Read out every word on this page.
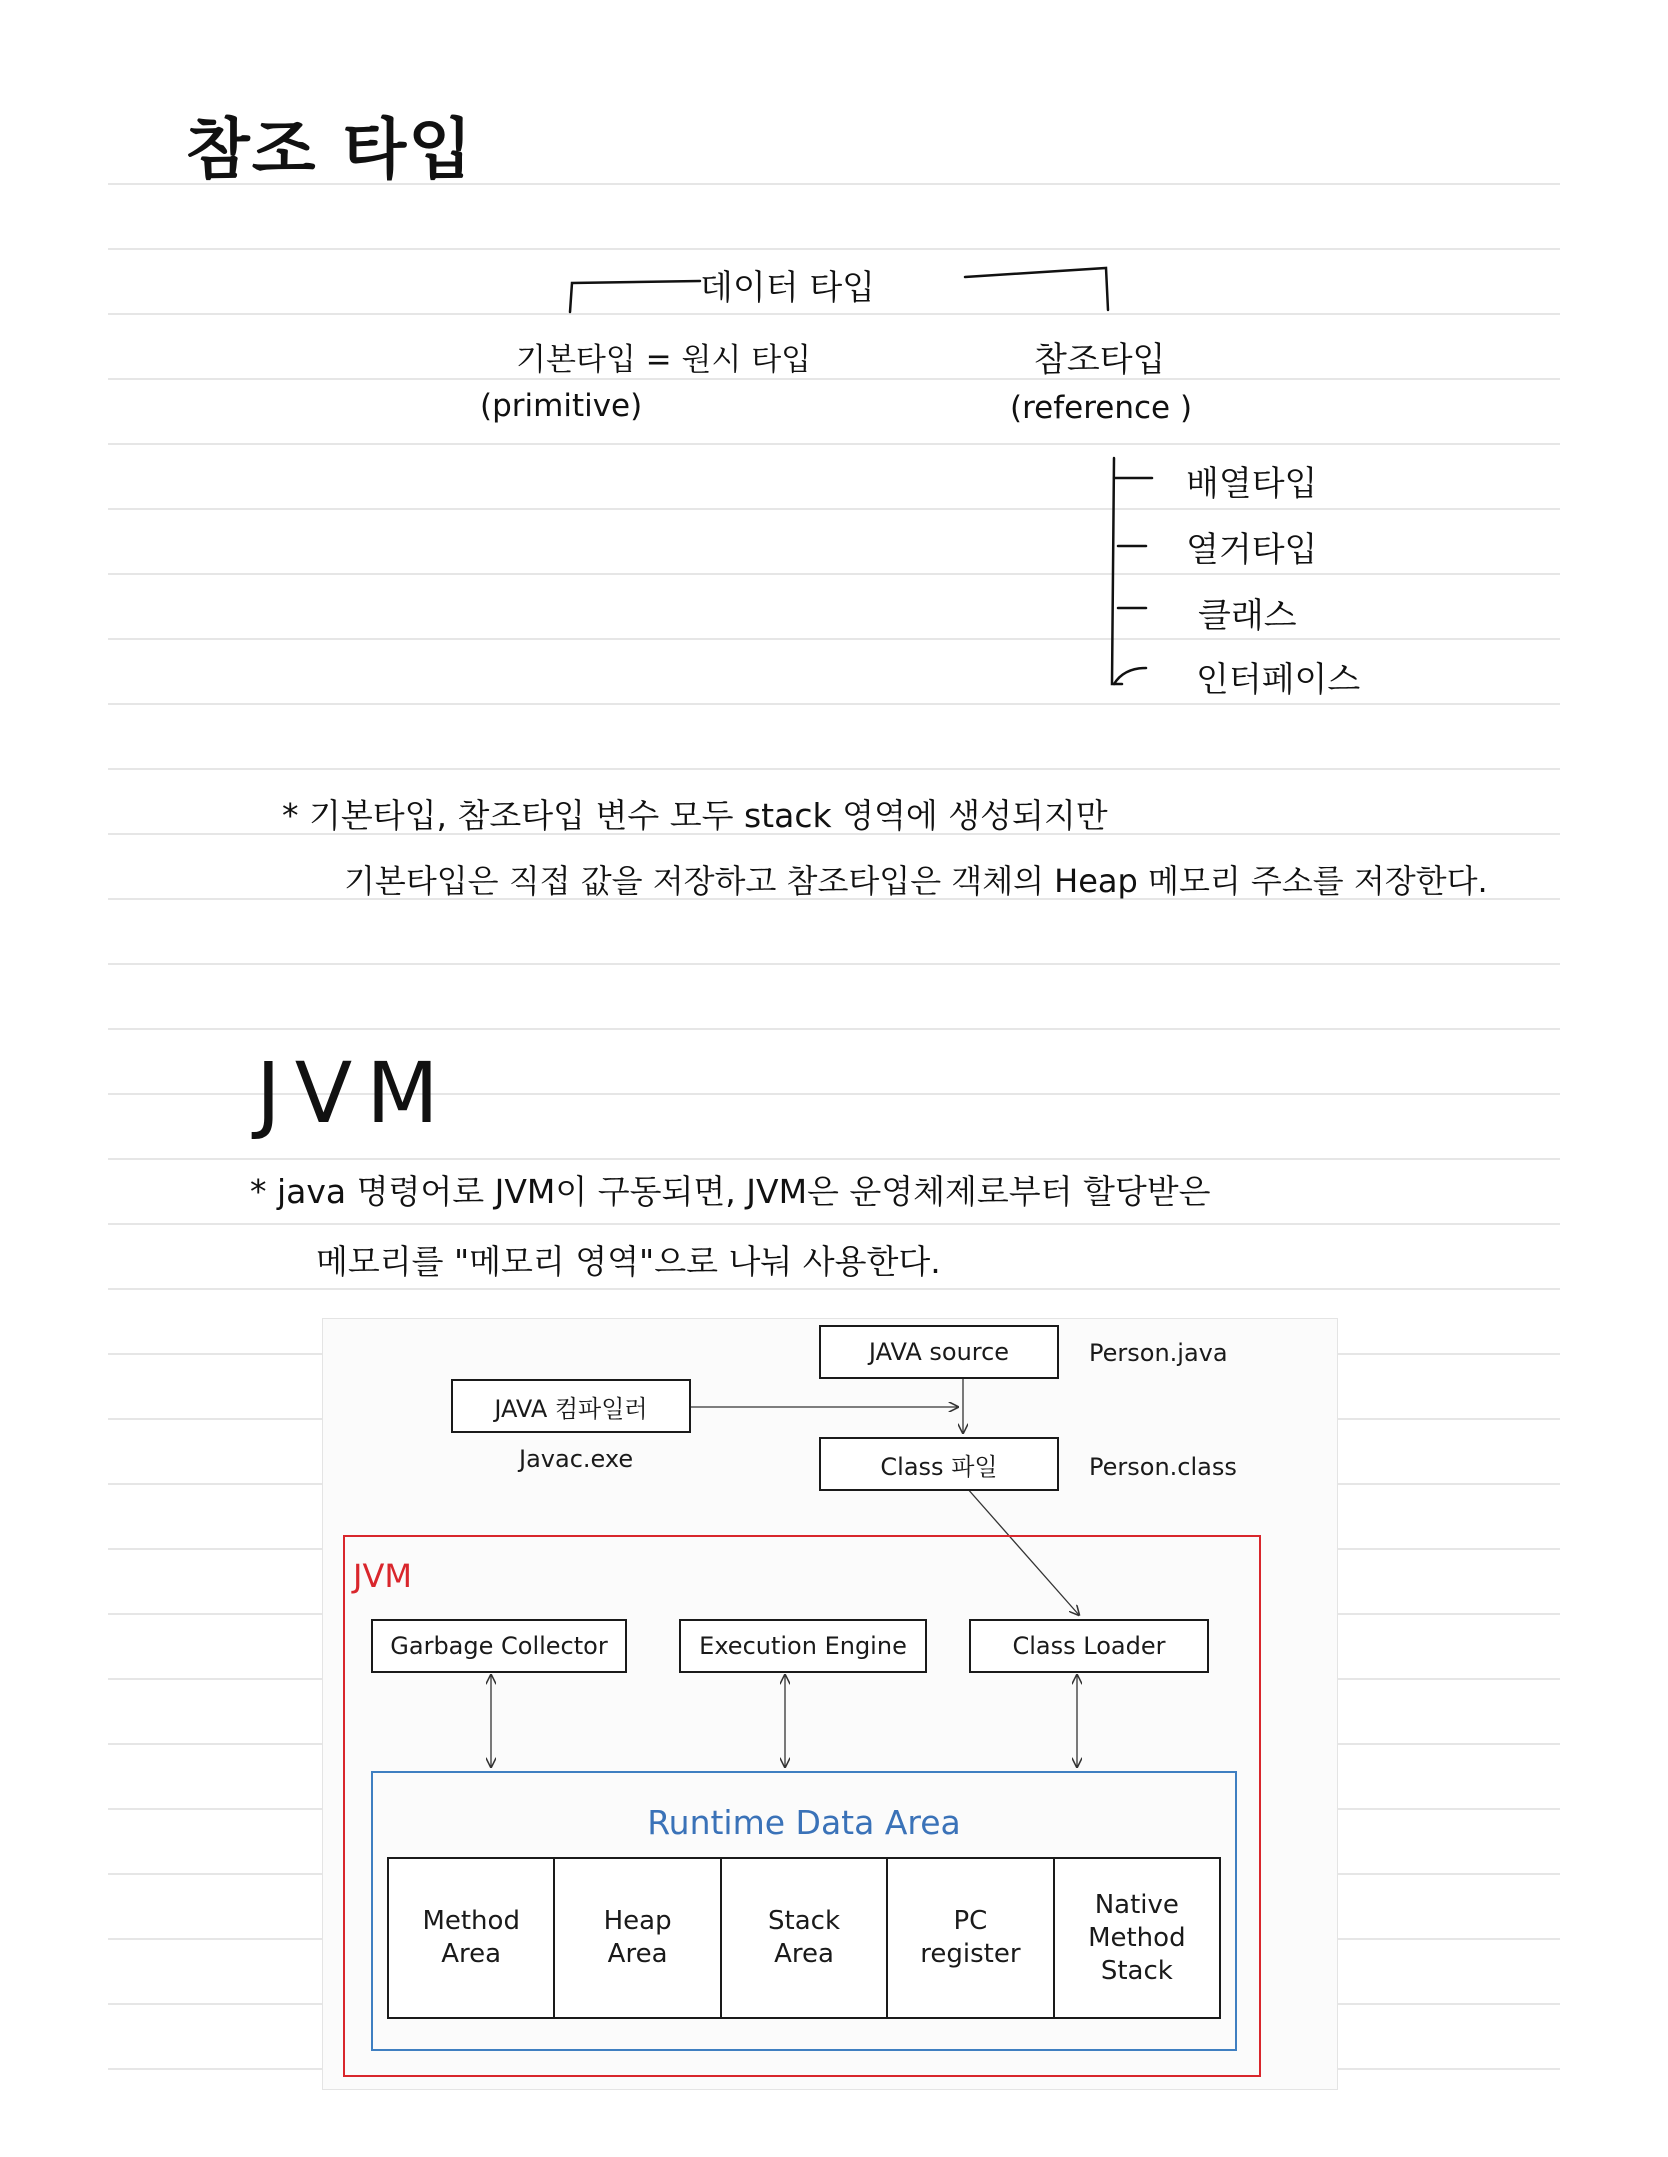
참조 타입
데이터 타입
기본타입 = 원시 타입
(primitive)
참조타입
(reference )
배열타입
열거타입
클래스
인터페이스
* 기본타입, 참조타입 변수 모두 stack 영역에 생성되지만
기본타입은 직접 값을 저장하고 참조타입은 객체의 Heap 메모리 주소를 저장한다.
JVM
* java 명령어로 JVM이 구동되면, JVM은 운영체제로부터 할당받은
메모리를 "메모리 영역"으로 나눠 사용한다.
JAVA source	Person.java
JAVA 컴파일러
Javac.exe	Class 파일	Person.class
JVM
Garbage Collector	Execution Engine	Class Loader
Runtime Data Area
Method
Area
Heap
Area
Stack
Area
PC
register
Native
Method
Stack
